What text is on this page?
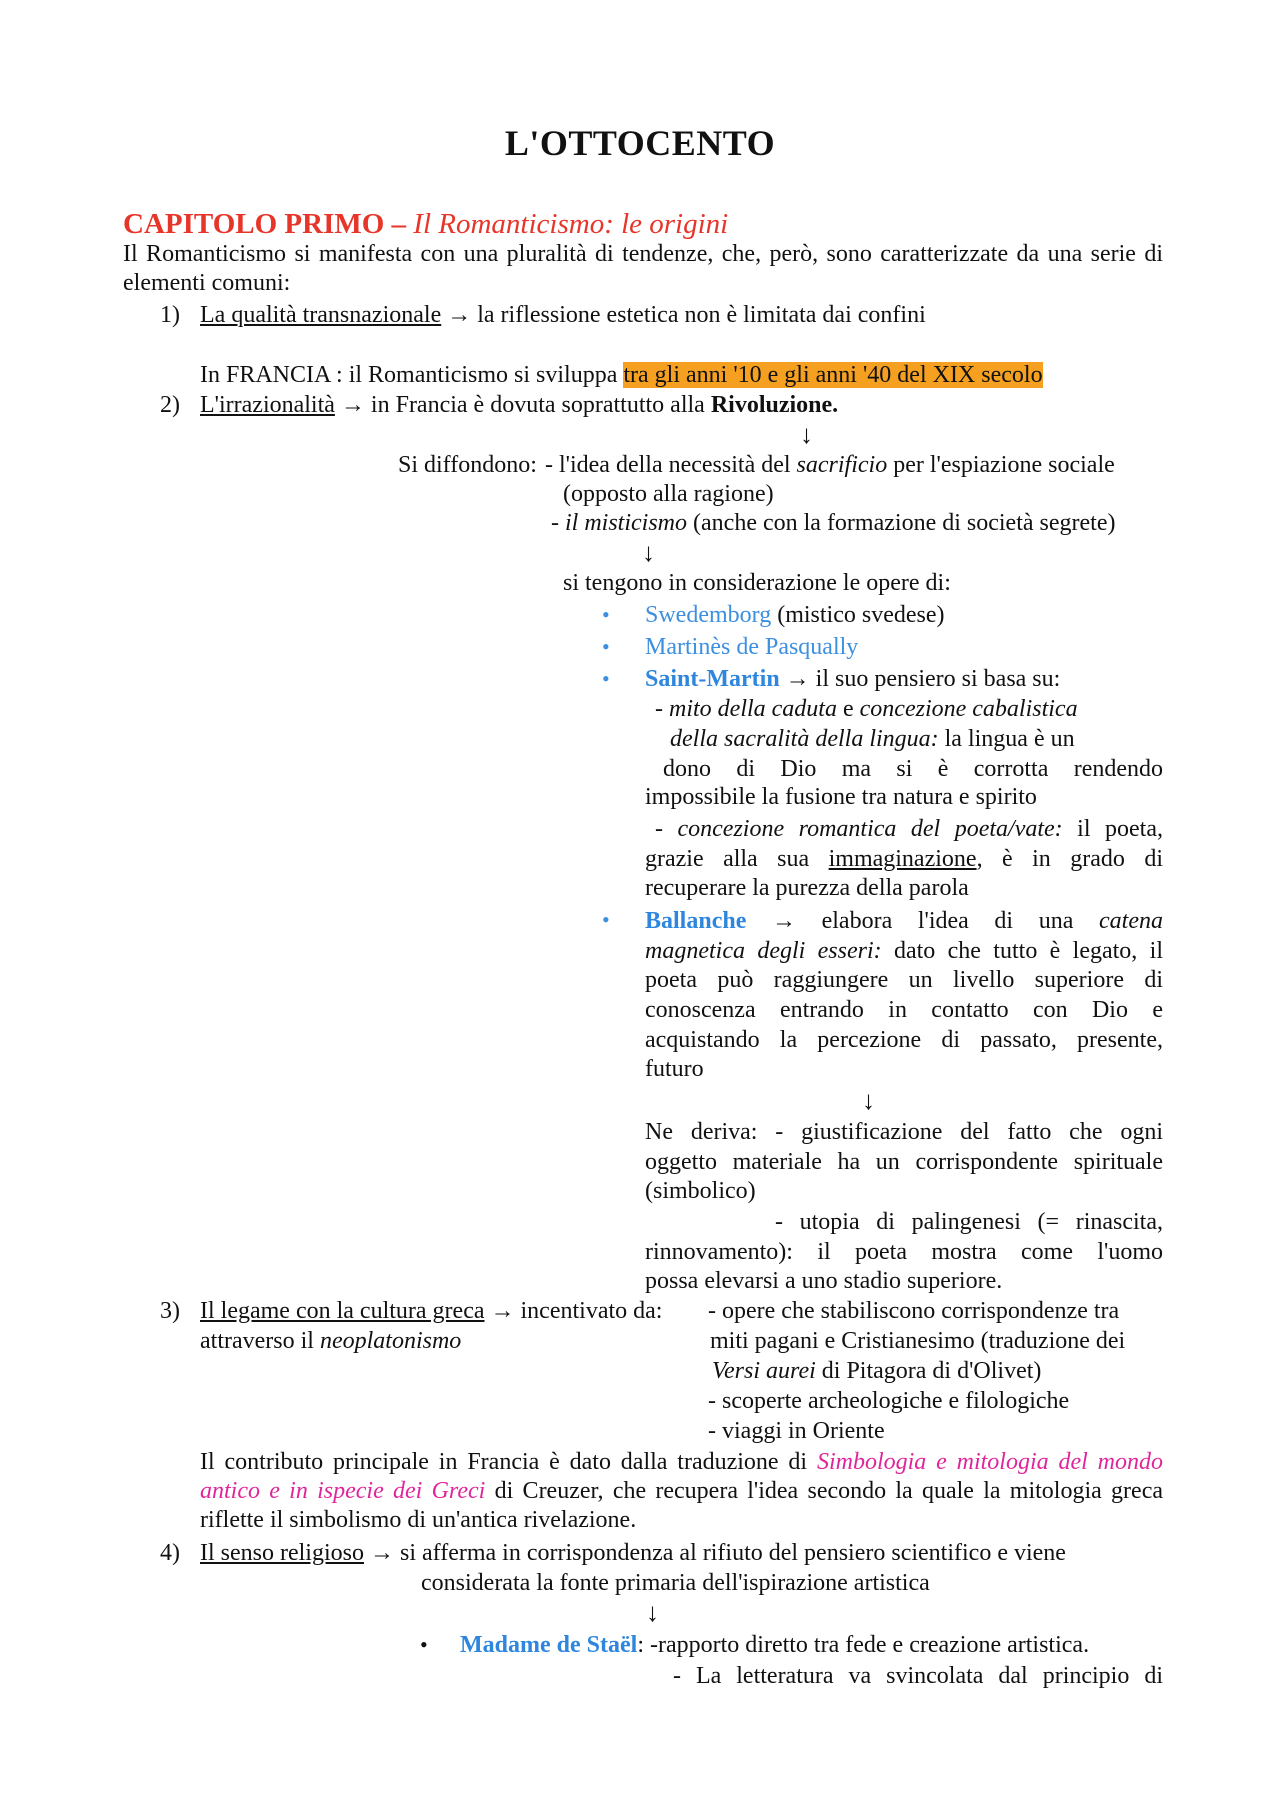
L'OTTOCENTO
CAPITOLO PRIMO – Il Romanticismo: le origini
Il Romanticismo si manifesta con una pluralità di tendenze, che, però, sono caratterizzate da una serie di elementi comuni:
1) La qualità transnazionale → la riflessione estetica non è limitata dai confini
In FRANCIA : il Romanticismo si sviluppa tra gli anni '10 e gli anni '40 del XIX secolo
2) L'irrazionalità → in Francia è dovuta soprattutto alla Rivoluzione.
↓
Si diffondono: - l'idea della necessità del sacrificio per l'espiazione sociale
(opposto alla ragione)
- il misticismo (anche con la formazione di società segrete)
↓
si tengono in considerazione le opere di:
• Swedemborg (mistico svedese)
• Martinès de Pasqually
• Saint-Martin → il suo pensiero si basa su:
- mito della caduta e concezione cabalistica
della sacralità della lingua: la lingua è un
dono di Dio ma si è corrotta rendendo
impossibile la fusione tra natura e spirito
- concezione romantica del poeta/vate: il poeta,
grazie alla sua immaginazione, è in grado di
recuperare la purezza della parola
• Ballanche → elabora l'idea di una catena
magnetica degli esseri: dato che tutto è legato, il
poeta può raggiungere un livello superiore di
conoscenza entrando in contatto con Dio e
acquistando la percezione di passato, presente,
futuro
↓
Ne deriva: - giustificazione del fatto che ogni
oggetto materiale ha un corrispondente spirituale
(simbolico)
- utopia di palingenesi (= rinascita,
rinnovamento): il poeta mostra come l'uomo
possa elevarsi a uno stadio superiore.
3) Il legame con la cultura greca → incentivato da: - opere che stabiliscono corrispondenze tra
attraverso il neoplatonismo	miti pagani e Cristianesimo (traduzione dei
Versi aurei di Pitagora di d'Olivet)
- scoperte archeologiche e filologiche
- viaggi in Oriente
Il contributo principale in Francia è dato dalla traduzione di Simbologia e mitologia del mondo antico e in ispecie dei Greci di Creuzer, che recupera l'idea secondo la quale la mitologia greca riflette il simbolismo di un'antica rivelazione.
4) Il senso religioso → si afferma in corrispondenza al rifiuto del pensiero scientifico e viene
considerata la fonte primaria dell'ispirazione artistica
↓
• Madame de Staël: -rapporto diretto tra fede e creazione artistica.
- La letteratura va svincolata dal principio di
